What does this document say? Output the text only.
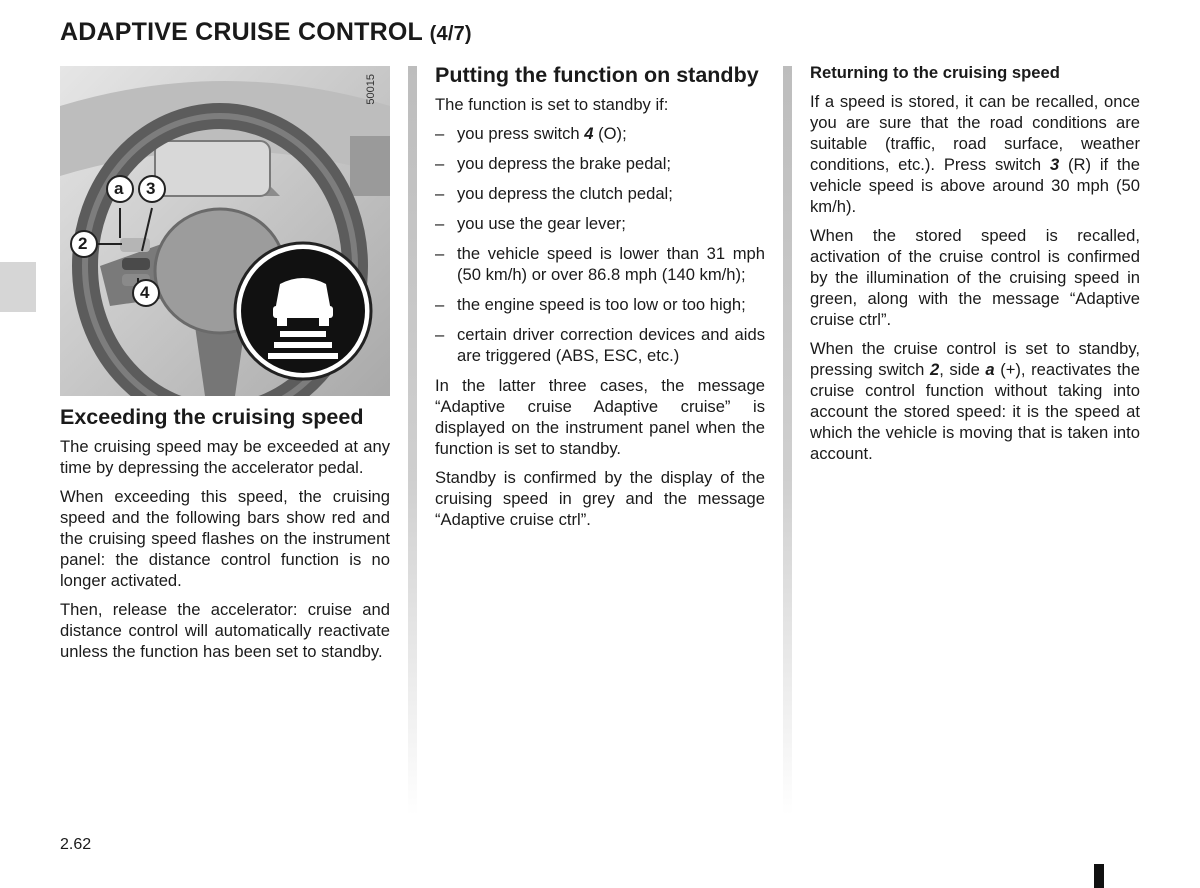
ADAPTIVE CRUISE CONTROL (4/7)
50015
a 3
2
4
Exceeding the cruising speed

The cruising speed may be exceeded at any time by depressing the accelerator pedal.

When exceeding this speed, the cruising speed and the following bars show red and the cruising speed flashes on the instrument panel: the distance control function is no longer activated.

Then, release the accelerator: cruise and distance control will automatically reactivate unless the function has been set to standby.

Putting the function on standby

The function is set to standby if:

– you press switch 4 (O);
– you depress the brake pedal;
– you depress the clutch pedal;
– you use the gear lever;
– the vehicle speed is lower than 31 mph (50 km/h) or over 86.8 mph (140 km/h);
– the engine speed is too low or too high;
– certain driver correction devices and aids are triggered (ABS, ESC, etc.)

In the latter three cases, the message “Adaptive cruise Adaptive cruise” is displayed on the instrument panel when the function is set to standby.

Standby is confirmed by the display of the cruising speed in grey and the message “Adaptive cruise ctrl”.

Returning to the cruising speed

If a speed is stored, it can be recalled, once you are sure that the road conditions are suitable (traffic, road surface, weather conditions, etc.). Press switch 3 (R) if the vehicle speed is above around 30 mph (50 km/h).

When the stored speed is recalled, activation of the cruise control is confirmed by the illumination of the cruising speed in green, along with the message “Adaptive cruise ctrl”.

When the cruise control is set to standby, pressing switch 2, side a (+), reactivates the cruise control function without taking into account the stored speed: it is the speed at which the vehicle is moving that is taken into account.

2.62
